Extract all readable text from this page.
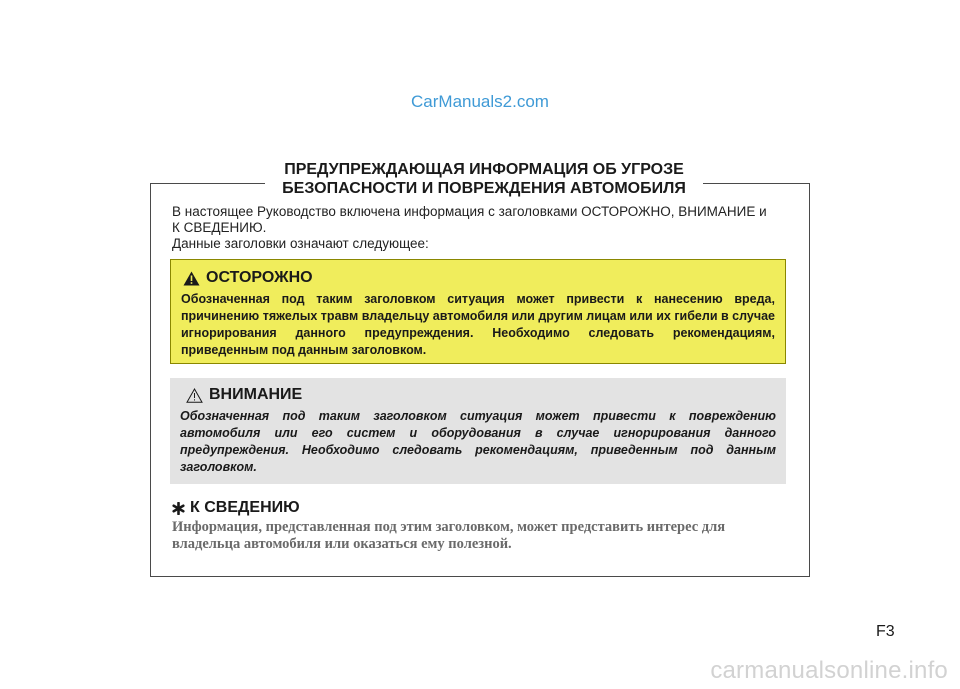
CarManuals2.com
ПРЕДУПРЕЖДАЮЩАЯ ИНФОРМАЦИЯ ОБ УГРОЗЕ
БЕЗОПАСНОСТИ И ПОВРЕЖДЕНИЯ АВТОМОБИЛЯ
В настоящее Руководство включена информация с заголовками ОСТОРОЖНО, ВНИМАНИЕ и
К СВЕДЕНИЮ.
Данные заголовки означают следующее:
ОСТОРОЖНО
Обозначенная под таким заголовком ситуация может привести к нанесению вреда, причинению тяжелых травм владельцу автомобиля или другим лицам или их гибели в случае игнорирования данного предупреждения. Необходимо следовать рекомендациям, приведенным под данным заголовком.
ВНИМАНИЕ
Обозначенная под таким заголовком ситуация может привести к повреждению автомобиля или его систем и оборудования в случае игнорирования данного предупреждения. Необходимо следовать рекомендациям, приведенным под данным заголовком.
К СВЕДЕНИЮ
Информация, представленная под этим заголовком, может представить интерес для владельца автомобиля или оказаться ему полезной.
F3
carmanualsonline.info
